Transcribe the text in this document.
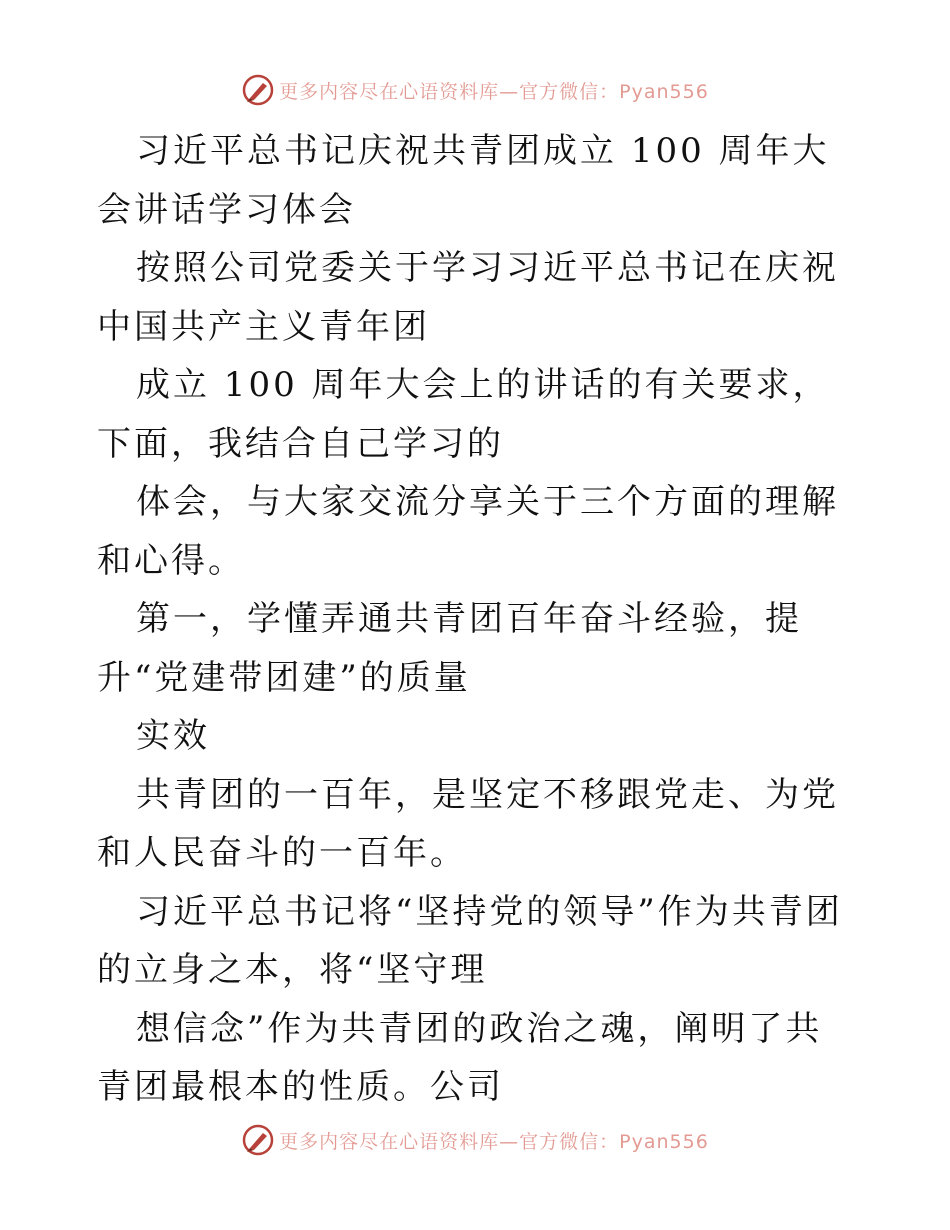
更多内容尽在心语资料库—官方微信：Pyan556

习近平总书记庆祝共青团成立 100 周年大会讲话学习体会

按照公司党委关于学习习近平总书记在庆祝中国共产主义青年团

成立 100 周年大会上的讲话的有关要求，下面，我结合自己学习的

体会，与大家交流分享关于三个方面的理解和心得。

第一，学懂弄通共青团百年奋斗经验，提升“党建带团建”的质量

实效

共青团的一百年，是坚定不移跟党走、为党和人民奋斗的一百年。

习近平总书记将“坚持党的领导”作为共青团的立身之本，将“坚守理

想信念”作为共青团的政治之魂，阐明了共青团最根本的性质。公司

更多内容尽在心语资料库—官方微信：Pyan556
